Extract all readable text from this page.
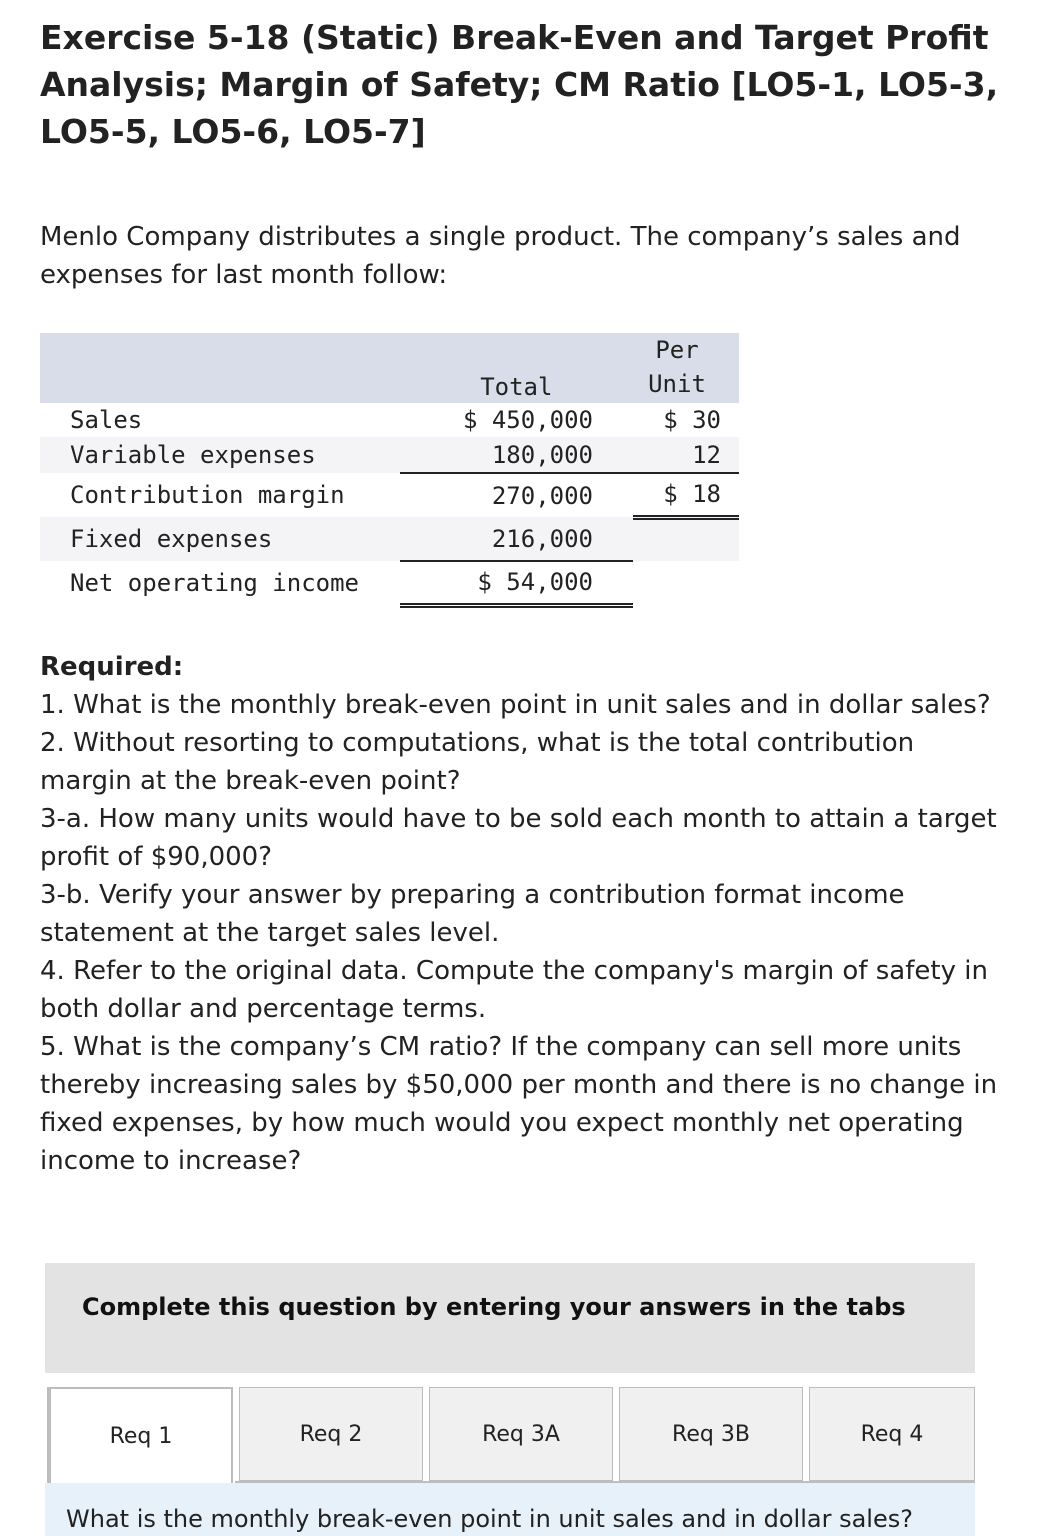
Exercise 5-18 (Static) Break-Even and Target Profit Analysis; Margin of Safety; CM Ratio [LO5-1, LO5-3, LO5-5, LO5-6, LO5-7]

Menlo Company distributes a single product. The company’s sales and expenses for last month follow:

	Total	Per Unit
Sales	$ 450,000	$ 30
Variable expenses	180,000	12
Contribution margin	270,000	$ 18
Fixed expenses	216,000	
Net operating income	$ 54,000	

Required:

1. What is the monthly break-even point in unit sales and in dollar sales?

2. Without resorting to computations, what is the total contribution margin at the break-even point?

3-a. How many units would have to be sold each month to attain a target profit of $90,000?

3-b. Verify your answer by preparing a contribution format income statement at the target sales level.

4. Refer to the original data. Compute the company's margin of safety in both dollar and percentage terms.

5. What is the company’s CM ratio? If the company can sell more units thereby increasing sales by $50,000 per month and there is no change in fixed expenses, by how much would you expect monthly net operating income to increase?

Complete this question by entering your answers in the tabs
Req 1	Req 2	Req 3A	Req 3B	Req 4
What is the monthly break-even point in unit sales and in dollar sales?
